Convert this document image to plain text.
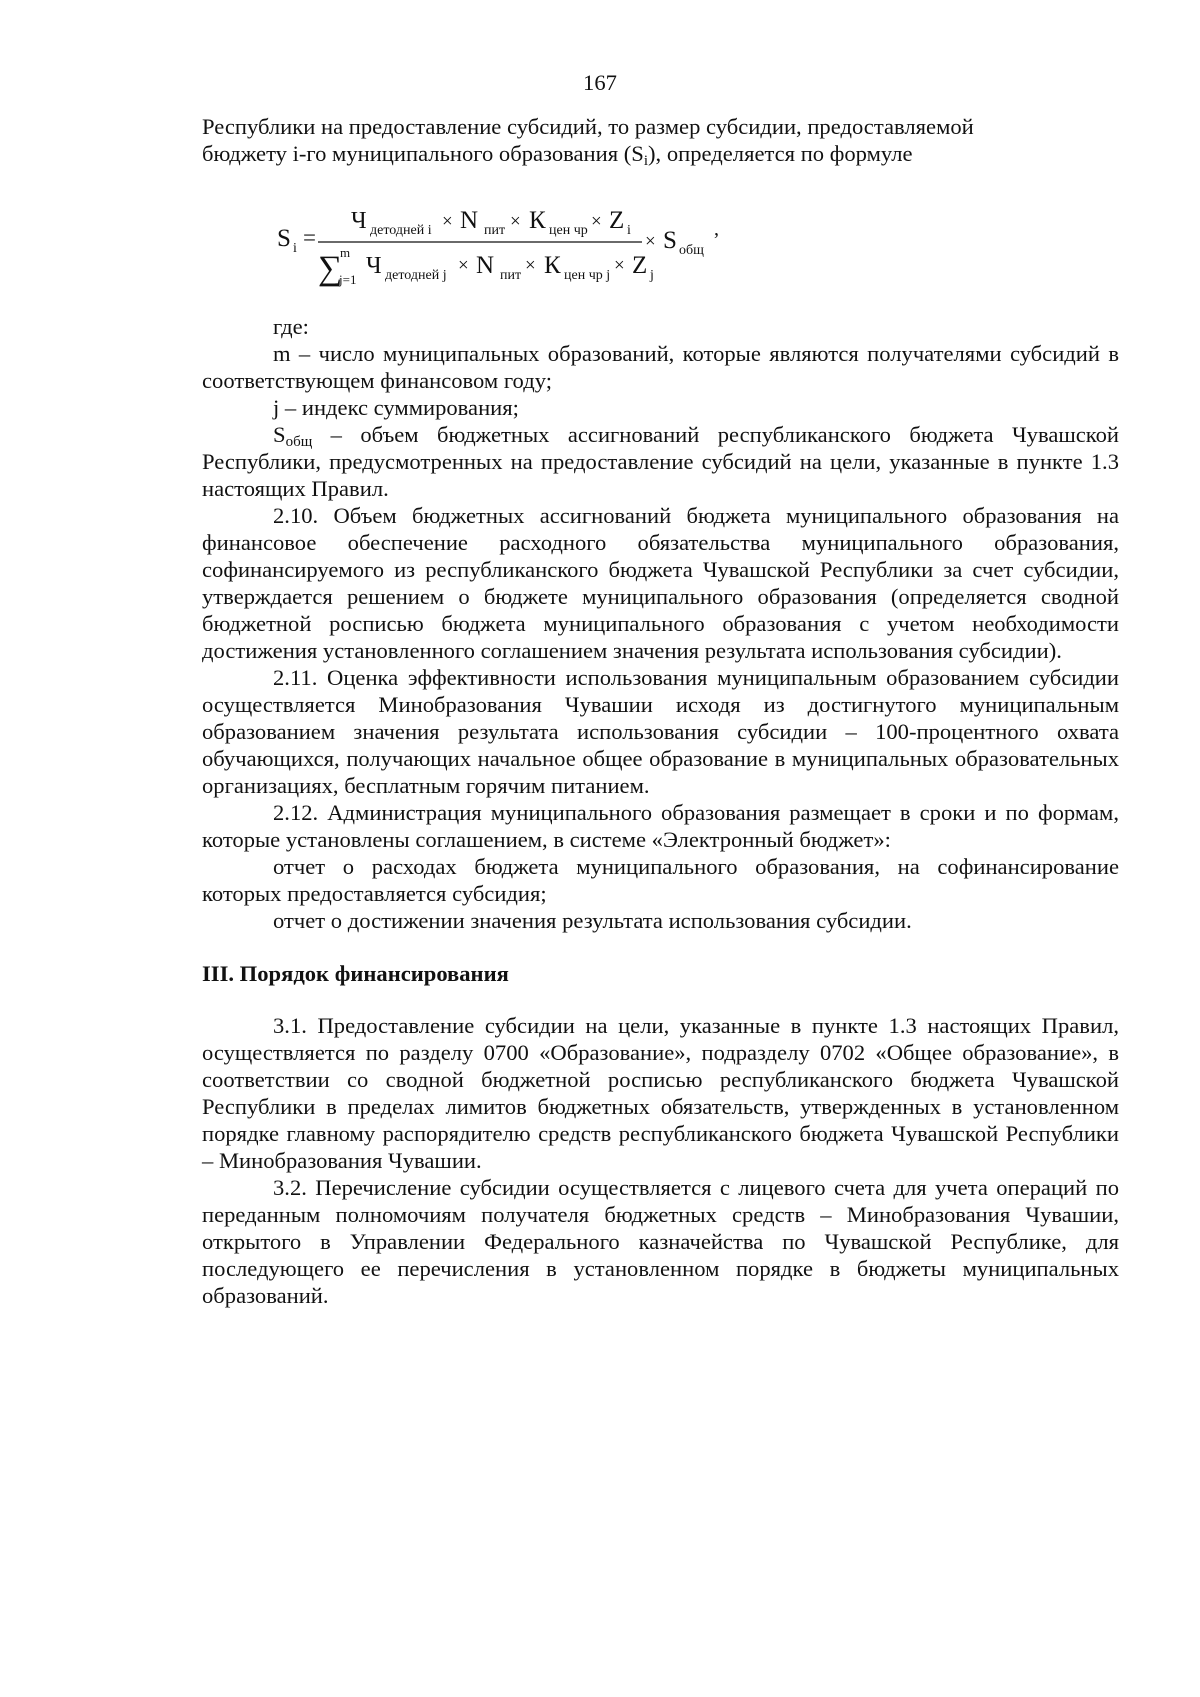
167

Республики на предоставление субсидий, то размер субсидии, предоставляемой

бюджету i-го муниципального образования $(S_i)$, определяется по формуле

S i =
Ч детодней i × N пит × К цен чр × Z i
∑
m
j=1
Ч детодней j × N пит × К цен чр j × Z j
× S общ
,

где:

m – число муниципальных образований, которые являются получателями субсидий в соответствующем финансовом году;

j – индекс суммирования;

$S_{общ}$ – объем бюджетных ассигнований республиканского бюджета Чувашской Республики, предусмотренных на предоставление субсидий на цели, указанные в пункте 1.3 настоящих Правил.

2.10. Объем бюджетных ассигнований бюджета муниципального образования на финансовое обеспечение расходного обязательства муниципального образования, софинансируемого из республиканского бюджета Чувашской Республики за счет субсидии, утверждается решением о бюджете муниципального образования (определяется сводной бюджетной росписью бюджета муниципального образования с учетом необходимости достижения установленного соглашением значения результата использования субсидии).

2.11. Оценка эффективности использования муниципальным образованием субсидии осуществляется Минобразования Чувашии исходя из достигнутого муниципальным образованием значения результата использования субсидии – 100-процентного охвата обучающихся, получающих начальное общее образование в муниципальных образовательных организациях, бесплатным горячим питанием.

2.12. Администрация муниципального образования размещает в сроки и по формам, которые установлены соглашением, в системе «Электронный бюджет»:

отчет о расходах бюджета муниципального образования, на софинансирование которых предоставляется субсидия;

отчет о достижении значения результата использования субсидии.

III. Порядок финансирования

3.1. Предоставление субсидии на цели, указанные в пункте 1.3 настоящих Правил, осуществляется по разделу 0700 «Образование», подразделу 0702 «Общее образование», в соответствии со сводной бюджетной росписью республиканского бюджета Чувашской Республики в пределах лимитов бюджетных обязательств, утвержденных в установленном порядке главному распорядителю средств республиканского бюджета Чувашской Республики – Минобразования Чувашии.

3.2. Перечисление субсидии осуществляется с лицевого счета для учета операций по переданным полномочиям получателя бюджетных средств – Минобразования Чувашии, открытого в Управлении Федерального казначейства по Чувашской Республике, для последующего ее перечисления в установленном порядке в бюджеты муниципальных образований.
